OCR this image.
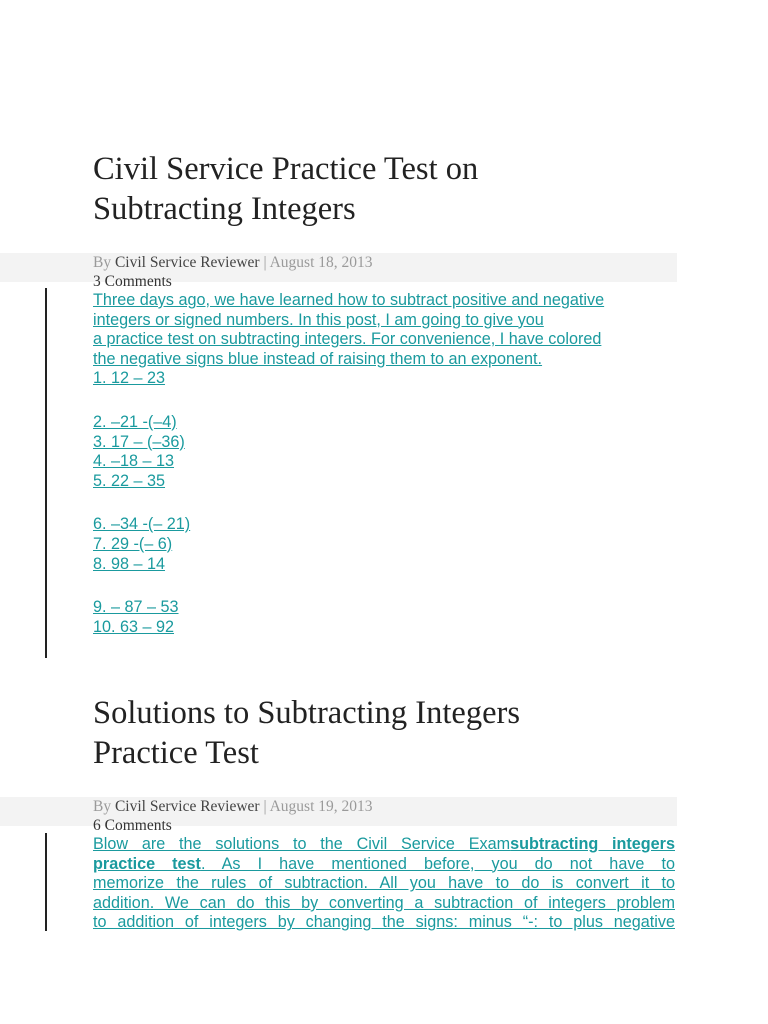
Civil Service Practice Test on
Subtracting Integers
By Civil Service Reviewer | August 18, 2013
3 Comments
Three days ago, we have learned how to subtract positive and negative
integers or signed numbers. In this post, I am going to give you
a practice test on subtracting integers. For convenience, I have colored
the negative signs blue instead of raising them to an exponent.
1. 12 – 23
2. –21 -(–4)
3. 17 – (–36)
4. –18 – 13
5. 22 – 35
6. –34 -(– 21)
7. 29 -(– 6)
8. 98 – 14
9. – 87 – 53
10. 63 – 92
Solutions to Subtracting Integers
Practice Test
By Civil Service Reviewer | August 19, 2013
6 Comments
Blow are the solutions to the Civil Service Examsubtracting integers
practice test. As I have mentioned before, you do not have to
memorize the rules of subtraction. All you have to do is convert it to
addition. We can do this by converting a subtraction of integers problem
to addition of integers by changing the signs: minus “-: to plus negative
